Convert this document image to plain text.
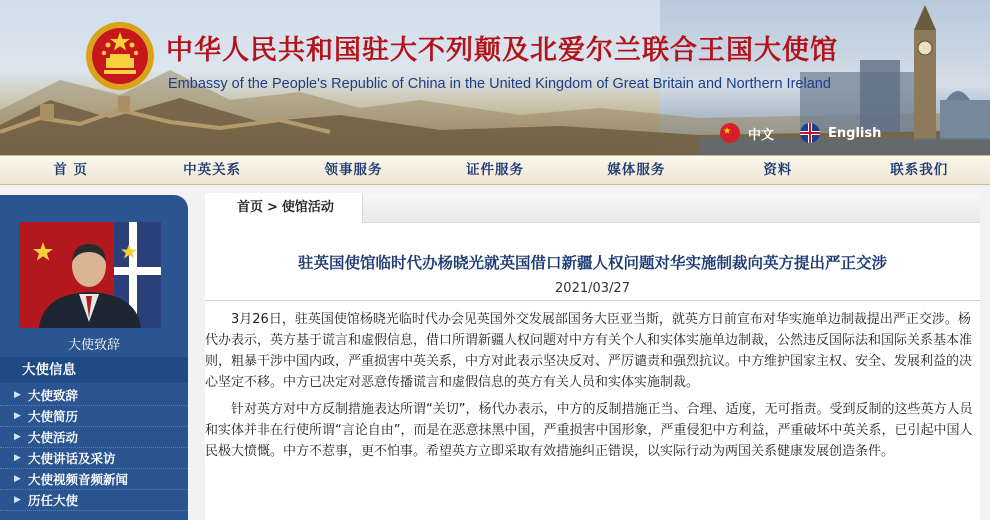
中华人民共和国驻大不列颠及北爱尔兰联合王国大使馆
Embassy of the People's Republic of China in the United Kingdom of Great Britain and Northern Ireland
中文	English
首 页	中英关系	领事服务	证件服务	媒体服务	资料	联系我们
大使致辞
大使信息
▶ 大使致辞
▶ 大使简历
▶ 大使活动
▶ 大使讲话及采访
▶ 大使视频音频新闻
▶ 历任大使
首页 > 使馆活动
驻英国使馆临时代办杨晓光就英国借口新疆人权问题对华实施制裁向英方提出严正交涉
2021/03/27

3月26日，驻英国使馆杨晓光临时代办会见英国外交发展部国务大臣亚当斯，就英方日前宣布对华实施单边制裁提出严正交涉。杨代办表示，英方基于谎言和虚假信息，借口所谓新疆人权问题对中方有关个人和实体实施单边制裁，公然违反国际法和国际关系基本准则，粗暴干涉中国内政，严重损害中英关系，中方对此表示坚决反对、严厉谴责和强烈抗议。中方维护国家主权、安全、发展利益的决心坚定不移。中方已决定对恶意传播谎言和虚假信息的英方有关人员和实体实施制裁。

针对英方对中方反制措施表达所谓“关切”，杨代办表示，中方的反制措施正当、合理、适度，无可指责。受到反制的这些英方人员和实体并非在行使所谓“言论自由”，而是在恶意抹黑中国，严重损害中国形象，严重侵犯中方利益，严重破坏中英关系，已引起中国人民极大愤慨。中方不惹事，更不怕事。希望英方立即采取有效措施纠正错误，以实际行动为两国关系健康发展创造条件。
